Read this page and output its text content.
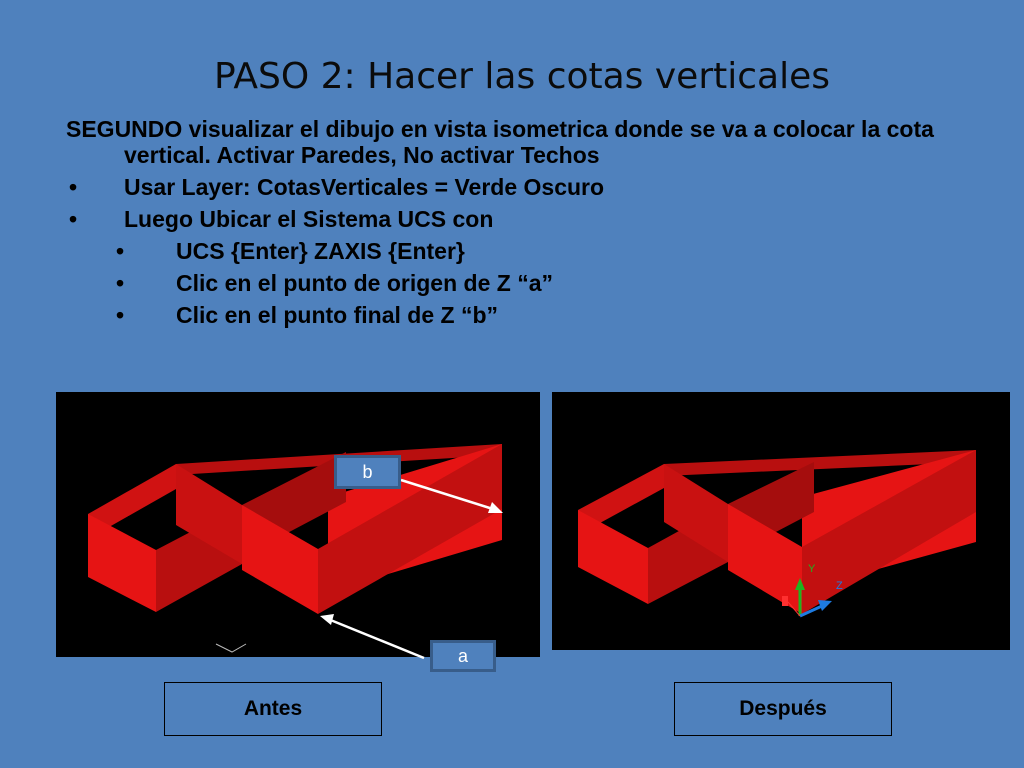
PASO 2: Hacer las cotas verticales
SEGUNDO visualizar el dibujo en vista isometrica donde se va a colocar la cota vertical. Activar Paredes, No activar Techos
• Usar Layer: CotasVerticales = Verde Oscuro
• Luego Ubicar el Sistema UCS con
• UCS {Enter} ZAXIS {Enter}
• Clic en el punto de origen de Z “a”
• Clic en el punto final de Z “b”
Y
Z
b
a
Antes	Después
